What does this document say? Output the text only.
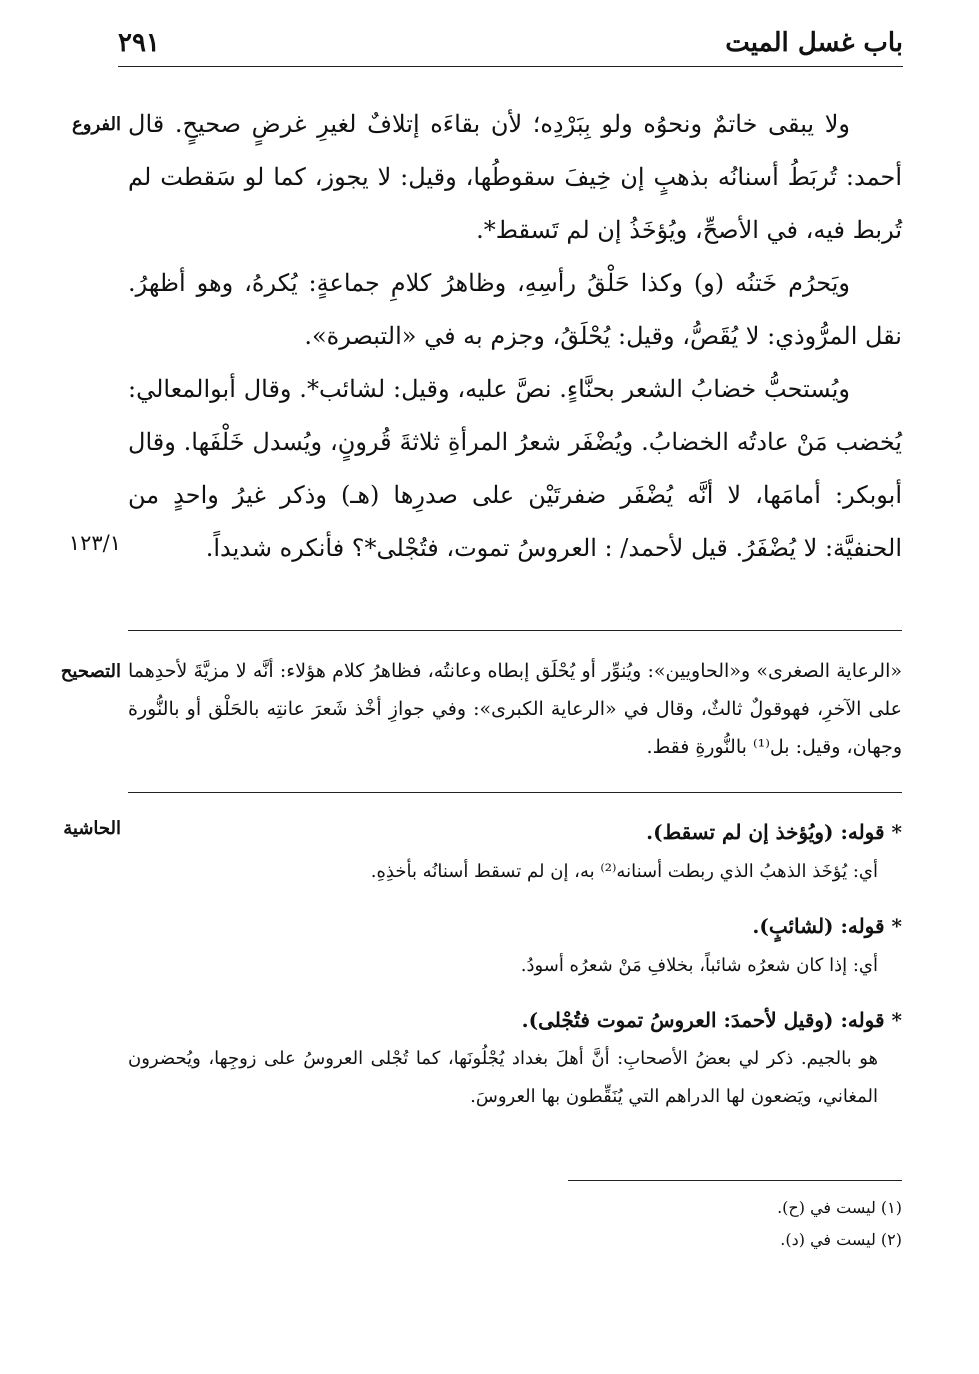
باب غسل الميت
٢٩١
الفروع
١٢٣/١
التصحيح
الحاشية

ولا يبقى خاتمٌ ونحوُه ولو بِبَرْدِه؛ لأن بقاءَه إتلافٌ لغيرِ غرضٍ صحيحٍ. قال أحمد: تُربَطُ أسنانُه بذهبٍ إن خِيفَ سقوطُها، وقيل: لا يجوز، كما لو سَقطت لم تُربط فيه، في الأصحِّ، ويُؤخَذُ إن لم تَسقط*.

ويَحرُم خَتنُه (و) وكذا حَلْقُ رأسِهِ، وظاهرُ كلامِ جماعةٍ: يُكرهُ، وهو أظهرُ. نقل المرُّوذي: لا يُقَصُّ، وقيل: يُحْلَقُ، وجزم به في «التبصرة».

ويُستحبُّ خضابُ الشعر بحنَّاءٍ. نصَّ عليه، وقيل: لشائب*. وقال أبوالمعالي: يُخضب مَنْ عادتُه الخضابُ. ويُضْفَر شعرُ المرأةِ ثلاثةَ قُرونٍ، ويُسدل خَلْفَها. وقال أبوبكر: أمامَها، لا أنَّه يُضْفَر ضفرتَيْن على صدرِها (هـ) وذكر غيرُ واحدٍ من الحنفيَّة: لا يُضْفَرُ. قيل لأحمد/ : العروسُ تموت، فتُجْلى*؟ فأنكره شديداً.

«الرعاية الصغرى» و«الحاويين»: ويُنوِّر أو يُحْلَق إبطاه وعانتُه، فظاهرُ كلام هؤلاء: أنَّه لا مزيَّةَ لأحدِهما على الآخرِ، فهوقولٌ ثالثٌ، وقال في «الرعاية الكبرى»: وفي جوازِ أخْذ شَعرَ عانتِه بالحَلْق أو بالنُّورة وجهان، وقيل: بل⁽¹⁾ بالنُّورةِ فقط.

* قوله: (ويُؤخذ إن لم تسقط).

أي: يُؤخَذ الذهبُ الذي ربطت أسنانه⁽²⁾ به، إن لم تسقط أسنانُه بأخذِهِ.

* قوله: (لشائبٍ).

أي: إذا كان شعرُه شائباً، بخلافِ مَنْ شعرُه أسودُ.

* قوله: (وقيل لأحمدَ: العروسُ تموت فتُجْلى).

هو بالجيم. ذكر لي بعضُ الأصحابِ: أنَّ أهلَ بغداد يُجْلُونَها، كما تُجْلى العروسُ على زوجِها، ويُحضرون المغاني، ويَضعون لها الدراهم التي يُنَقِّطون بها العروسَ.

(١) ليست في (ح).

(٢) ليست في (د).
